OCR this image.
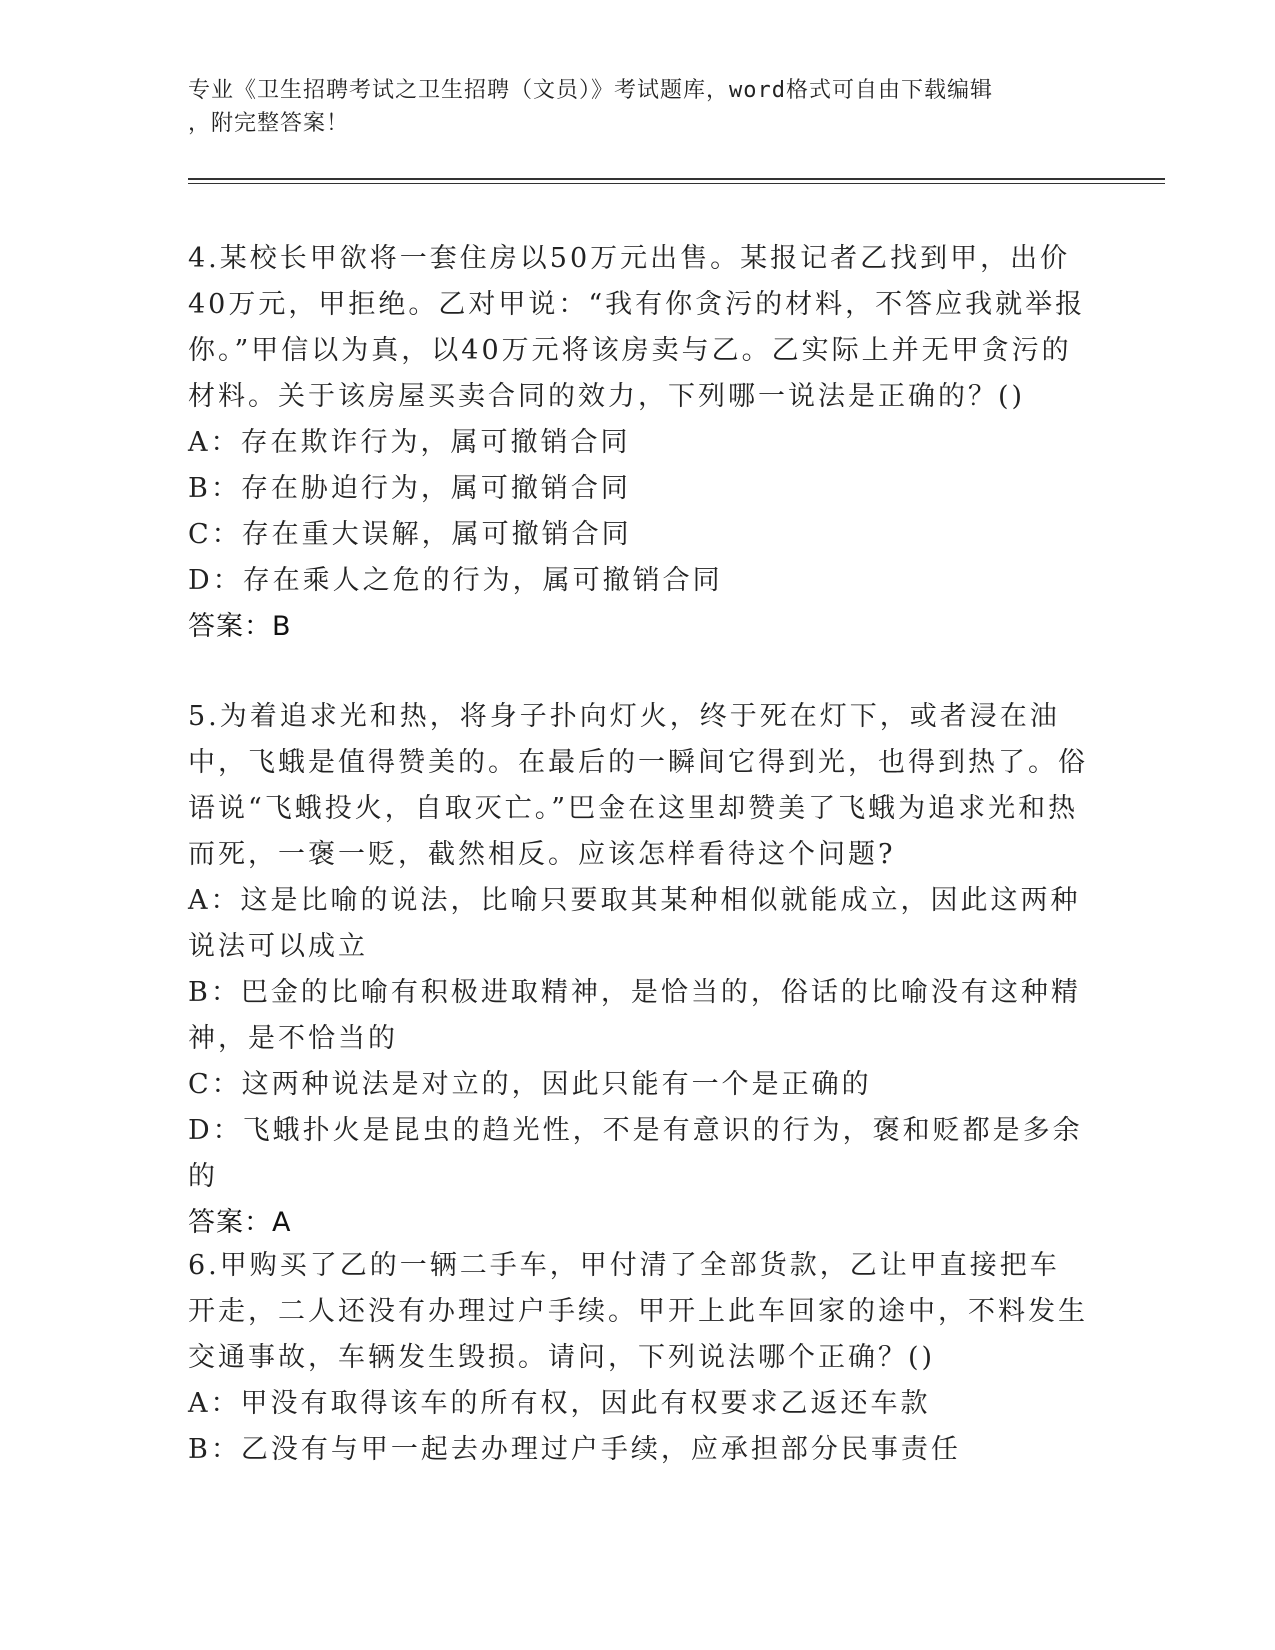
专业《卫生招聘考试之卫生招聘（文员）》考试题库，word格式可自由下载编辑
，附完整答案！
4.某校长甲欲将一套住房以50万元出售。某报记者乙找到甲，出价40万元，甲拒绝。乙对甲说：“我有你贪污的材料，不答应我就举报你。”甲信以为真，以40万元将该房卖与乙。乙实际上并无甲贪污的材料。关于该房屋买卖合同的效力，下列哪一说法是正确的？()
A：存在欺诈行为，属可撤销合同
B：存在胁迫行为，属可撤销合同
C：存在重大误解，属可撤销合同
D：存在乘人之危的行为，属可撤销合同
答案：B
5.为着追求光和热，将身子扑向灯火，终于死在灯下，或者浸在油中，飞蛾是值得赞美的。在最后的一瞬间它得到光，也得到热了。俗语说“飞蛾投火，自取灭亡。”巴金在这里却赞美了飞蛾为追求光和热而死，一褒一贬，截然相反。应该怎样看待这个问题?
A：这是比喻的说法，比喻只要取其某种相似就能成立，因此这两种说法可以成立
B：巴金的比喻有积极进取精神，是恰当的，俗话的比喻没有这种精神，是不恰当的
C：这两种说法是对立的，因此只能有一个是正确的
D：飞蛾扑火是昆虫的趋光性，不是有意识的行为，褒和贬都是多余的
答案：A
6.甲购买了乙的一辆二手车，甲付清了全部货款，乙让甲直接把车开走，二人还没有办理过户手续。甲开上此车回家的途中，不料发生交通事故，车辆发生毁损。请问，下列说法哪个正确？()
A：甲没有取得该车的所有权，因此有权要求乙返还车款
B：乙没有与甲一起去办理过户手续，应承担部分民事责任
